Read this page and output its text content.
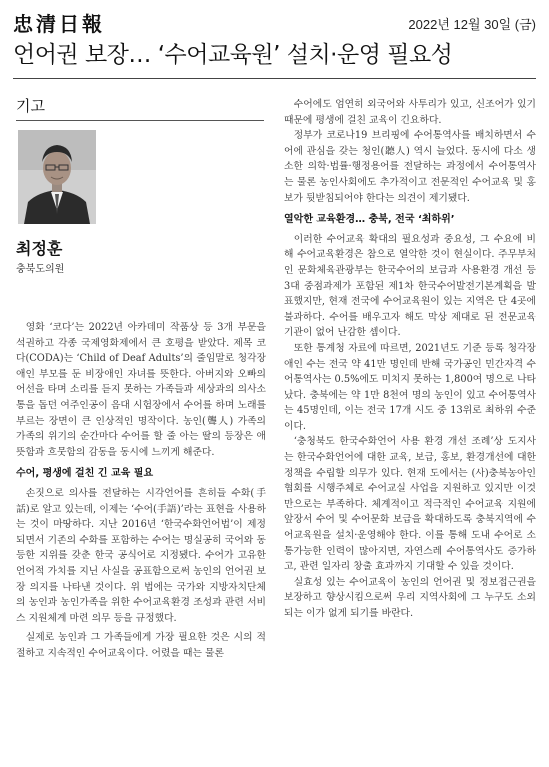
忠清日報	2022년 12월 30일 (금)
언어권 보장… ‘수어교육원’ 설치·운영 필요성
기고
최정훈
충북도의원

영화 ‘코다’는 2022년 아카데미 작품상 등 3개 부문을 석권하고 각종 국제영화제에서 큰 호평을 받았다. 제목 코다(CODA)는 ‘Child of Deaf Adults’의 줄임말로 청각장애인 부모를 둔 비장애인 자녀를 뜻한다. 아버지와 오빠의 어선을 타며 소리를 듣지 못하는 가족들과 세상과의 의사소통을 돕던 여주인공이 음대 시험장에서 수어를 하며 노래를 부르는 장면이 큰 인상적인 명작이다. 농인(聾人) 가족의 가족의 위기의 순간마다 수어를 할 줄 아는 딸의 등장은 애뜻함과 흐뭇함의 감동을 동시에 느끼게 해준다.

수어, 평생에 걸친 긴 교육 필요

손짓으로 의사를 전달하는 시각언어를 흔히들 수화(手話)로 알고 있는데, 이제는 ‘수어(手語)’라는 표현을 사용하는 것이 마땅하다. 지난 2016년 ‘한국수화언어법’이 제정되면서 기존의 수화를 포함하는 수어는 명실공히 국어와 동등한 지위를 갖춘 한국 공식어로 지정됐다. 수어가 고유한 언어적 가치를 지닌 사실을 공표함으로써 농인의 언어권 보장 의지를 나타낸 것이다. 위 법에는 국가와 지방자치단체의 농인과 농인가족을 위한 수어교육환경 조성과 관련 서비스 지원체계 마련 의무 등을 규정했다.

실제로 농인과 그 가족들에게 가장 필요한 것은 시의 적절하고 지속적인 수어교육이다. 어렸을 때는 물론

수어에도 엄연히 외국어와 사투리가 있고, 신조어가 있기 때문에 평생에 걸친 교육이 긴요하다.

정부가 코로나19 브리핑에 수어통역사를 배치하면서 수어에 관심을 갖는 청인(聽人) 역시 늘었다. 동시에 다소 생소한 의학·법률·행정용어를 전달하는 과정에서 수어통역사는 물론 농인사회에도 추가적이고 전문적인 수어교육 및 홍보가 뒷받침되어야 한다는 의견이 제기됐다.

열악한 교육환경… 충북, 전국 ‘최하위’

이러한 수어교육 확대의 필요성과 중요성, 그 수요에 비해 수어교육환경은 참으로 열악한 것이 현실이다. 주무부처인 문화체육관광부는 한국수어의 보급과 사용환경 개선 등 3대 중점과제가 포함된 제1차 한국수어발전기본계획을 발표했지만, 현재 전국에 수어교육원이 있는 지역은 단 4곳에 불과하다. 수어를 배우고자 해도 막상 제대로 된 전문교육기관이 없어 난감한 셈이다.

또한 통계청 자료에 따르면, 2021년도 기준 등록 청각장애인 수는 전국 약 41만 명인데 반해 국가공인 민간자격 수어통역사는 0.5%에도 미치지 못하는 1,800여 명으로 나타났다. 충북에는 약 1만 8천여 명의 농인이 있고 수어통역사는 45명인데, 이는 전국 17개 시도 중 13위로 최하위 수준이다.

‘충청북도 한국수화언어 사용 환경 개선 조례’상 도지사는 한국수화언어에 대한 교육, 보급, 홍보, 환경개선에 대한 정책을 수립할 의무가 있다. 현재 도에서는 (사)충북농아인협회를 시행주체로 수어교실 사업을 지원하고 있지만 이것만으로는 부족하다. 체계적이고 적극적인 수어교육 지원에 앞장서 수어 및 수어문화 보급을 확대하도록 충북지역에 수어교육원을 설치·운영해야 한다. 이를 통해 도내 수어로 소통가능한 인력이 많아지면, 자연스레 수어통역사도 증가하고, 관련 일자리 창출 효과까지 기대할 수 있을 것이다.

실효성 있는 수어교육이 농인의 언어권 및 정보접근권을 보장하고 향상시킴으로써 우리 지역사회에 그 누구도 소외되는 이가 없게 되기를 바란다.
